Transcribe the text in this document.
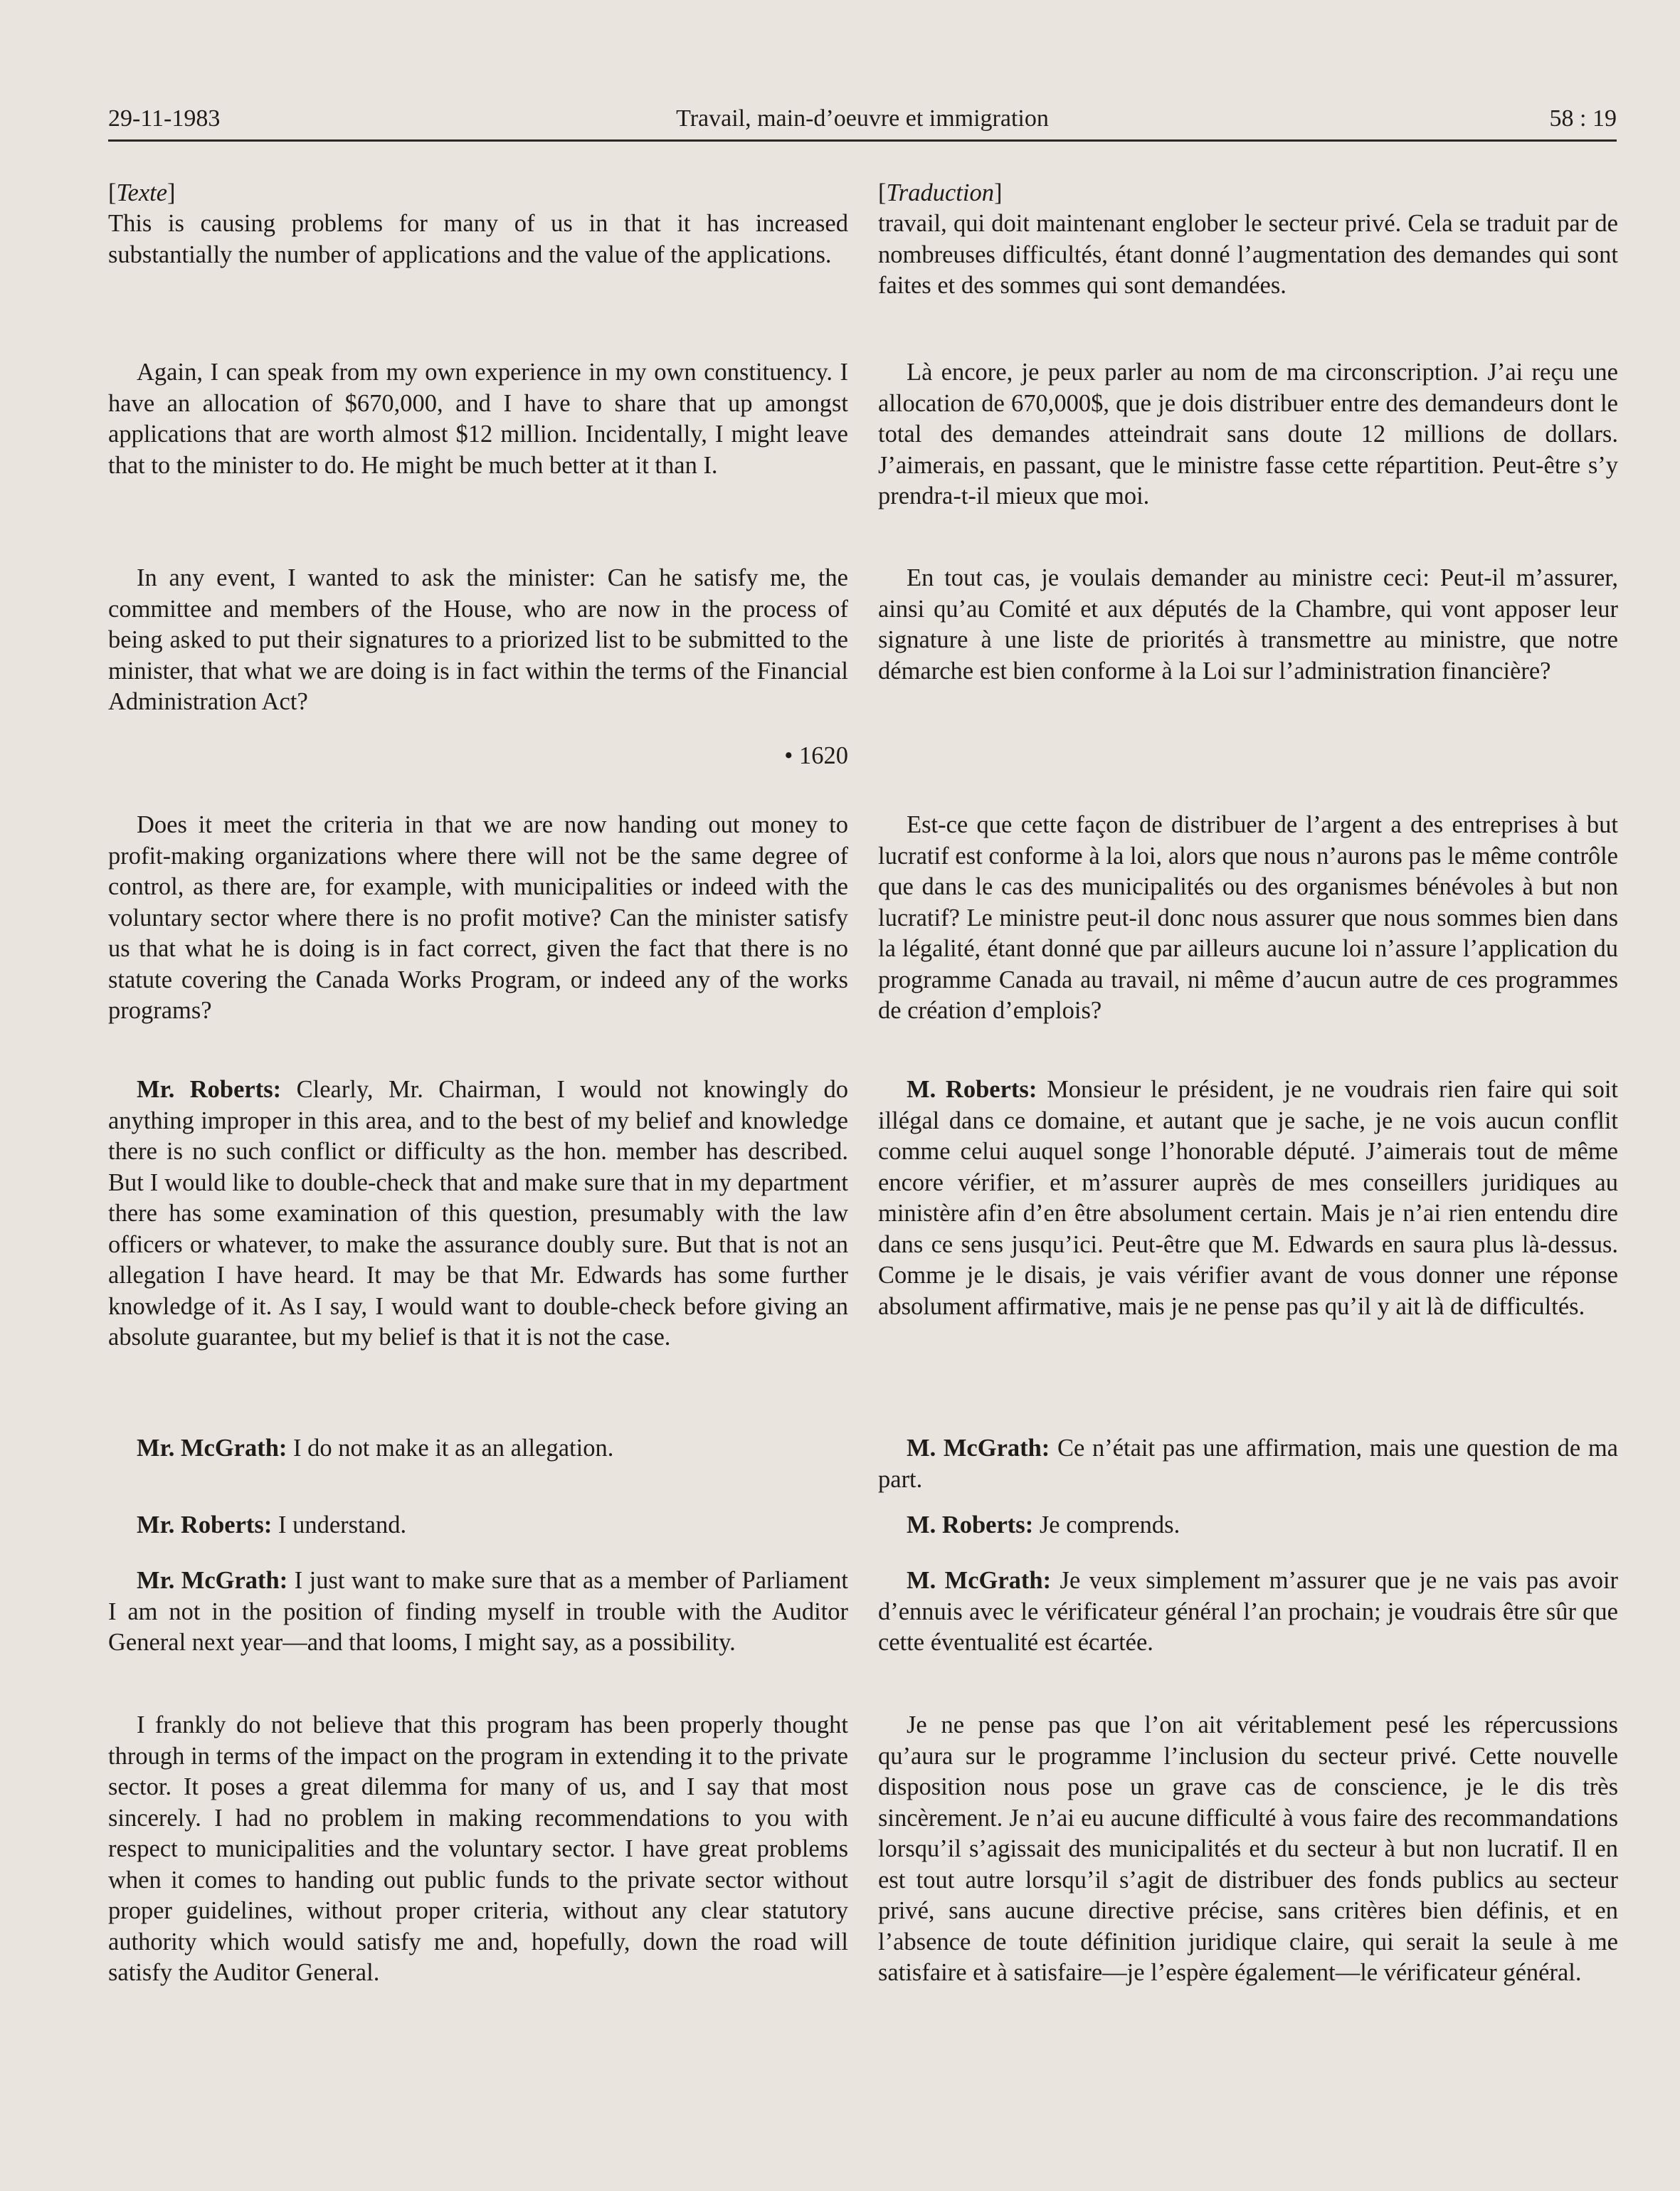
29-11-1983	Travail, main-d’oeuvre et immigration	58 : 19

[Texte]

This is causing problems for many of us in that it has increased substantially the number of applications and the value of the applications.

Again, I can speak from my own experience in my own constituency. I have an allocation of $670,000, and I have to share that up amongst applications that are worth almost $12 million. Incidentally, I might leave that to the minister to do. He might be much better at it than I.

In any event, I wanted to ask the minister: Can he satisfy me, the committee and members of the House, who are now in the process of being asked to put their signatures to a priorized list to be submitted to the minister, that what we are doing is in fact within the terms of the Financial Administration Act?

• 1620

Does it meet the criteria in that we are now handing out money to profit-making organizations where there will not be the same degree of control, as there are, for example, with municipalities or indeed with the voluntary sector where there is no profit motive? Can the minister satisfy us that what he is doing is in fact correct, given the fact that there is no statute covering the Canada Works Program, or indeed any of the works programs?

Mr. Roberts: Clearly, Mr. Chairman, I would not knowingly do anything improper in this area, and to the best of my belief and knowledge there is no such conflict or difficulty as the hon. member has described. But I would like to double-check that and make sure that in my department there has some examination of this question, presumably with the law officers or whatever, to make the assurance doubly sure. But that is not an allegation I have heard. It may be that Mr. Edwards has some further knowledge of it. As I say, I would want to double-check before giving an absolute guarantee, but my belief is that it is not the case.

Mr. McGrath: I do not make it as an allegation.

Mr. Roberts: I understand.

Mr. McGrath: I just want to make sure that as a member of Parliament I am not in the position of finding myself in trouble with the Auditor General next year—and that looms, I might say, as a possibility.

I frankly do not believe that this program has been properly thought through in terms of the impact on the program in extending it to the private sector. It poses a great dilemma for many of us, and I say that most sincerely. I had no problem in making recommendations to you with respect to municipalities and the voluntary sector. I have great problems when it comes to handing out public funds to the private sector without proper guidelines, without proper criteria, without any clear statutory authority which would satisfy me and, hopefully, down the road will satisfy the Auditor General.

[Traduction]

travail, qui doit maintenant englober le secteur privé. Cela se traduit par de nombreuses difficultés, étant donné l’augmentation des demandes qui sont faites et des sommes qui sont demandées.

Là encore, je peux parler au nom de ma circonscription. J’ai reçu une allocation de 670,000$, que je dois distribuer entre des demandeurs dont le total des demandes atteindrait sans doute 12 millions de dollars. J’aimerais, en passant, que le ministre fasse cette répartition. Peut-être s’y prendra-t-il mieux que moi.

En tout cas, je voulais demander au ministre ceci: Peut-il m’assurer, ainsi qu’au Comité et aux députés de la Chambre, qui vont apposer leur signature à une liste de priorités à transmettre au ministre, que notre démarche est bien conforme à la Loi sur l’administration financière?

Est-ce que cette façon de distribuer de l’argent a des entreprises à but lucratif est conforme à la loi, alors que nous n’aurons pas le même contrôle que dans le cas des municipalités ou des organismes bénévoles à but non lucratif? Le ministre peut-il donc nous assurer que nous sommes bien dans la légalité, étant donné que par ailleurs aucune loi n’assure l’application du programme Canada au travail, ni même d’aucun autre de ces programmes de création d’emplois?

M. Roberts: Monsieur le président, je ne voudrais rien faire qui soit illégal dans ce domaine, et autant que je sache, je ne vois aucun conflit comme celui auquel songe l’honorable député. J’aimerais tout de même encore vérifier, et m’assurer auprès de mes conseillers juridiques au ministère afin d’en être absolument certain. Mais je n’ai rien entendu dire dans ce sens jusqu’ici. Peut-être que M. Edwards en saura plus là-dessus. Comme je le disais, je vais vérifier avant de vous donner une réponse absolument affirmative, mais je ne pense pas qu’il y ait là de difficultés.

M. McGrath: Ce n’était pas une affirmation, mais une question de ma part.

M. Roberts: Je comprends.

M. McGrath: Je veux simplement m’assurer que je ne vais pas avoir d’ennuis avec le vérificateur général l’an prochain; je voudrais être sûr que cette éventualité est écartée.

Je ne pense pas que l’on ait véritablement pesé les répercussions qu’aura sur le programme l’inclusion du secteur privé. Cette nouvelle disposition nous pose un grave cas de conscience, je le dis très sincèrement. Je n’ai eu aucune difficulté à vous faire des recommandations lorsqu’il s’agissait des municipalités et du secteur à but non lucratif. Il en est tout autre lorsqu’il s’agit de distribuer des fonds publics au secteur privé, sans aucune directive précise, sans critères bien définis, et en l’absence de toute définition juridique claire, qui serait la seule à me satisfaire et à satisfaire—je l’espère également—le vérificateur général.
